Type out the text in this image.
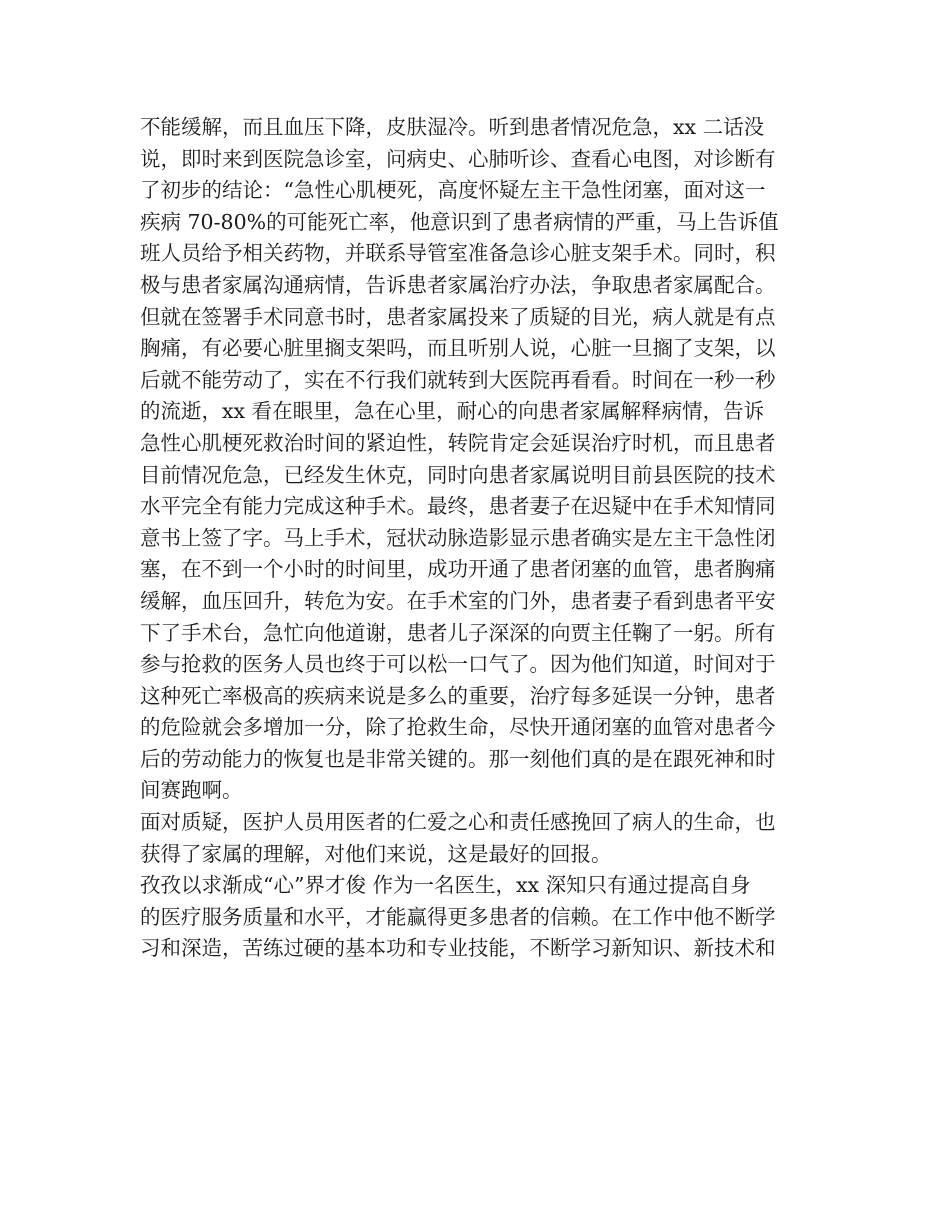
不能缓解，而且血压下降，皮肤湿冷。听到患者情况危急，xx 二话没
说，即时来到医院急诊室，问病史、心肺听诊、查看心电图，对诊断有
了初步的结论：“急性心肌梗死，高度怀疑左主干急性闭塞，面对这一
疾病 70-80%的可能死亡率，他意识到了患者病情的严重，马上告诉值
班人员给予相关药物，并联系导管室准备急诊心脏支架手术。同时，积
极与患者家属沟通病情，告诉患者家属治疗办法，争取患者家属配合。
但就在签署手术同意书时，患者家属投来了质疑的目光，病人就是有点
胸痛，有必要心脏里搁支架吗，而且听别人说，心脏一旦搁了支架，以
后就不能劳动了，实在不行我们就转到大医院再看看。时间在一秒一秒
的流逝，xx 看在眼里，急在心里，耐心的向患者家属解释病情，告诉
急性心肌梗死救治时间的紧迫性，转院肯定会延误治疗时机，而且患者
目前情况危急，已经发生休克，同时向患者家属说明目前县医院的技术
水平完全有能力完成这种手术。最终，患者妻子在迟疑中在手术知情同
意书上签了字。马上手术，冠状动脉造影显示患者确实是左主干急性闭
塞，在不到一个小时的时间里，成功开通了患者闭塞的血管，患者胸痛
缓解，血压回升，转危为安。在手术室的门外，患者妻子看到患者平安
下了手术台，急忙向他道谢，患者儿子深深的向贾主任鞠了一躬。所有
参与抢救的医务人员也终于可以松一口气了。因为他们知道，时间对于
这种死亡率极高的疾病来说是多么的重要，治疗每多延误一分钟，患者
的危险就会多增加一分，除了抢救生命，尽快开通闭塞的血管对患者今
后的劳动能力的恢复也是非常关键的。那一刻他们真的是在跟死神和时
间赛跑啊。
面对质疑，医护人员用医者的仁爱之心和责任感挽回了病人的生命，也
获得了家属的理解，对他们来说，这是最好的回报。
孜孜以求渐成“心”界才俊 作为一名医生，xx 深知只有通过提高自身
的医疗服务质量和水平，才能赢得更多患者的信赖。在工作中他不断学
习和深造，苦练过硬的基本功和专业技能，不断学习新知识、新技术和
